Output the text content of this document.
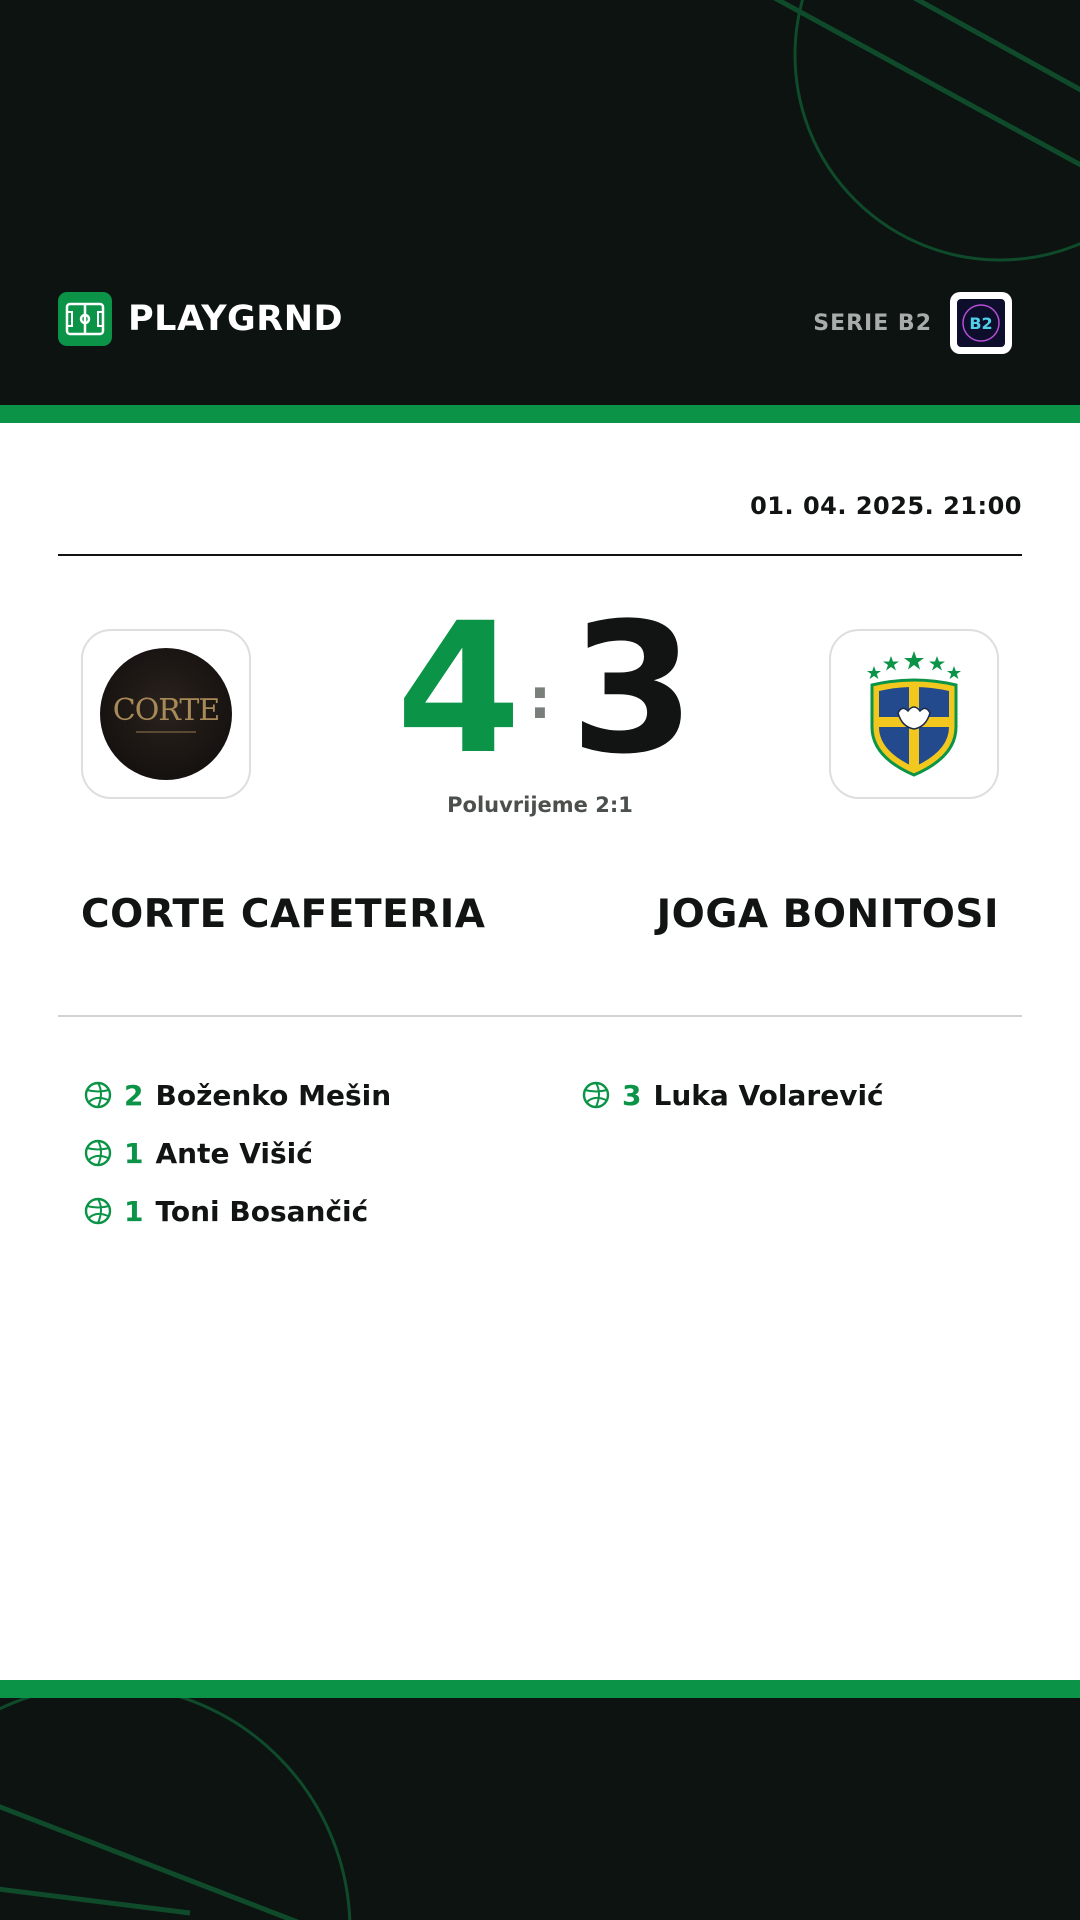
PLAYGRND	SERIE B2 B2
01. 04. 2025. 21:00
CORTE 4 : 3
Poluvrijeme 2:1
CORTE CAFETERIA	JOGA BONITOSI
2 Boženko Mešin
1 Ante Višić
1 Toni Bosančić
3 Luka Volarević
